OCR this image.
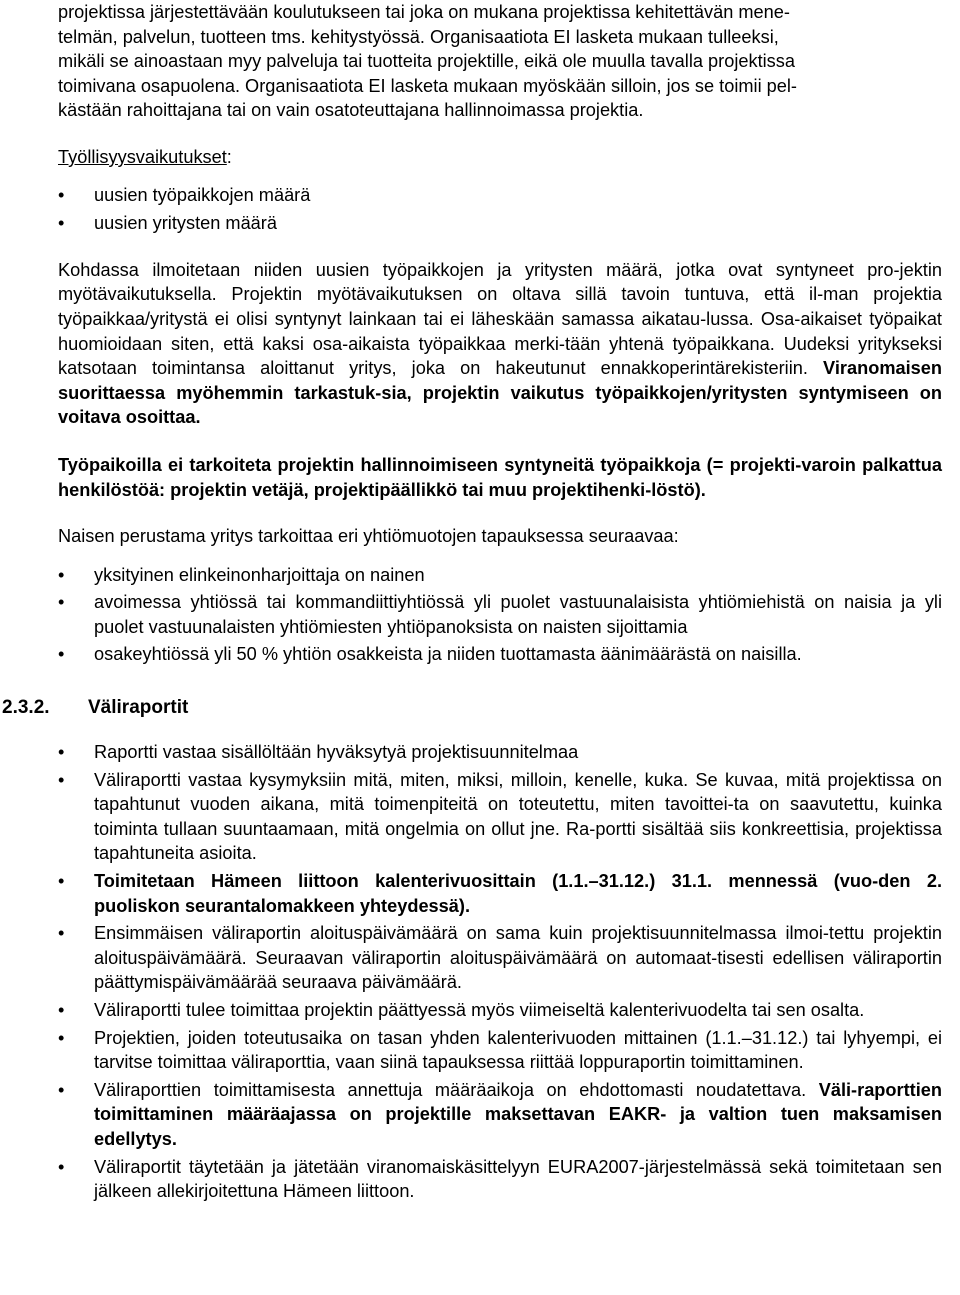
projektissa järjestettävään koulutukseen tai joka on mukana projektissa kehitettävän mene-

telmän, palvelun, tuotteen tms. kehitystyössä. Organisaatiota EI lasketa mukaan tulleeksi,

mikäli se ainoastaan myy palveluja tai tuotteita projektille, eikä ole muulla tavalla projektissa

toimivana osapuolena. Organisaatiota EI lasketa mukaan myöskään silloin, jos se toimii pel-

kästään rahoittajana tai on vain osatoteuttajana hallinnoimassa projektia.

Työllisyysvaikutukset:

•	uusien työpaikkojen määrä
•	uusien yritysten määrä

Kohdassa ilmoitetaan niiden uusien työpaikkojen ja yritysten määrä, jotka ovat syntyneet pro-jektin myötävaikutuksella. Projektin myötävaikutuksen on oltava sillä tavoin tuntuva, että il-man projektia työpaikkaa/yritystä ei olisi syntynyt lainkaan tai ei läheskään samassa aikatau-lussa. Osa-aikaiset työpaikat huomioidaan siten, että kaksi osa-aikaista työpaikkaa merki-tään yhtenä työpaikkana. Uudeksi yritykseksi katsotaan toimintansa aloittanut yritys, joka on hakeutunut ennakkoperintärekisteriin. Viranomaisen suorittaessa myöhemmin tarkastuk-sia, projektin vaikutus työpaikkojen/yritysten syntymiseen on voitava osoittaa.

Työpaikoilla ei tarkoiteta projektin hallinnoimiseen syntyneitä työpaikkoja (= projekti-varoin palkattua henkilöstöä: projektin vetäjä, projektipäällikkö tai muu projektihenki-löstö).

Naisen perustama yritys tarkoittaa eri yhtiömuotojen tapauksessa seuraavaa:

•	yksityinen elinkeinonharjoittaja on nainen
•	avoimessa yhtiössä tai kommandiittiyhtiössä yli puolet vastuunalaisista yhtiömiehistä on naisia ja yli puolet vastuunalaisten yhtiömiesten yhtiöpanoksista on naisten sijoittamia
•	osakeyhtiössä yli 50 % yhtiön osakkeista ja niiden tuottamasta äänimäärästä on naisilla.
2.3.2.	Väliraportit
•	Raportti vastaa sisällöltään hyväksytyä projektisuunnitelmaa
•	Väliraportti vastaa kysymyksiin mitä, miten, miksi, milloin, kenelle, kuka. Se kuvaa, mitä projektissa on tapahtunut vuoden aikana, mitä toimenpiteitä on toteutettu, miten tavoittei-ta on saavutettu, kuinka toiminta tullaan suuntaamaan, mitä ongelmia on ollut jne. Ra-portti sisältää siis konkreettisia, projektissa tapahtuneita asioita.
•	Toimitetaan Hämeen liittoon kalenterivuosittain (1.1.–31.12.) 31.1. mennessä (vuo-den 2. puoliskon seurantalomakkeen yhteydessä).
•	Ensimmäisen väliraportin aloituspäivämäärä on sama kuin projektisuunnitelmassa ilmoi-tettu projektin aloituspäivämäärä. Seuraavan väliraportin aloituspäivämäärä on automaat-tisesti edellisen väliraportin päättymispäivämäärää seuraava päivämäärä.
•	Väliraportti tulee toimittaa projektin päättyessä myös viimeiseltä kalenterivuodelta tai sen osalta.
•	Projektien, joiden toteutusaika on tasan yhden kalenterivuoden mittainen (1.1.–31.12.) tai lyhyempi, ei tarvitse toimittaa väliraporttia, vaan siinä tapauksessa riittää loppuraportin toimittaminen.
•	Väliraporttien toimittamisesta annettuja määräaikoja on ehdottomasti noudatettava. Väli-raporttien toimittaminen määräajassa on projektille maksettavan EAKR- ja valtion tuen maksamisen edellytys.
•	Väliraportit täytetään ja jätetään viranomaiskäsittelyyn EURA2007-järjestelmässä sekä toimitetaan sen jälkeen allekirjoitettuna Hämeen liittoon.
